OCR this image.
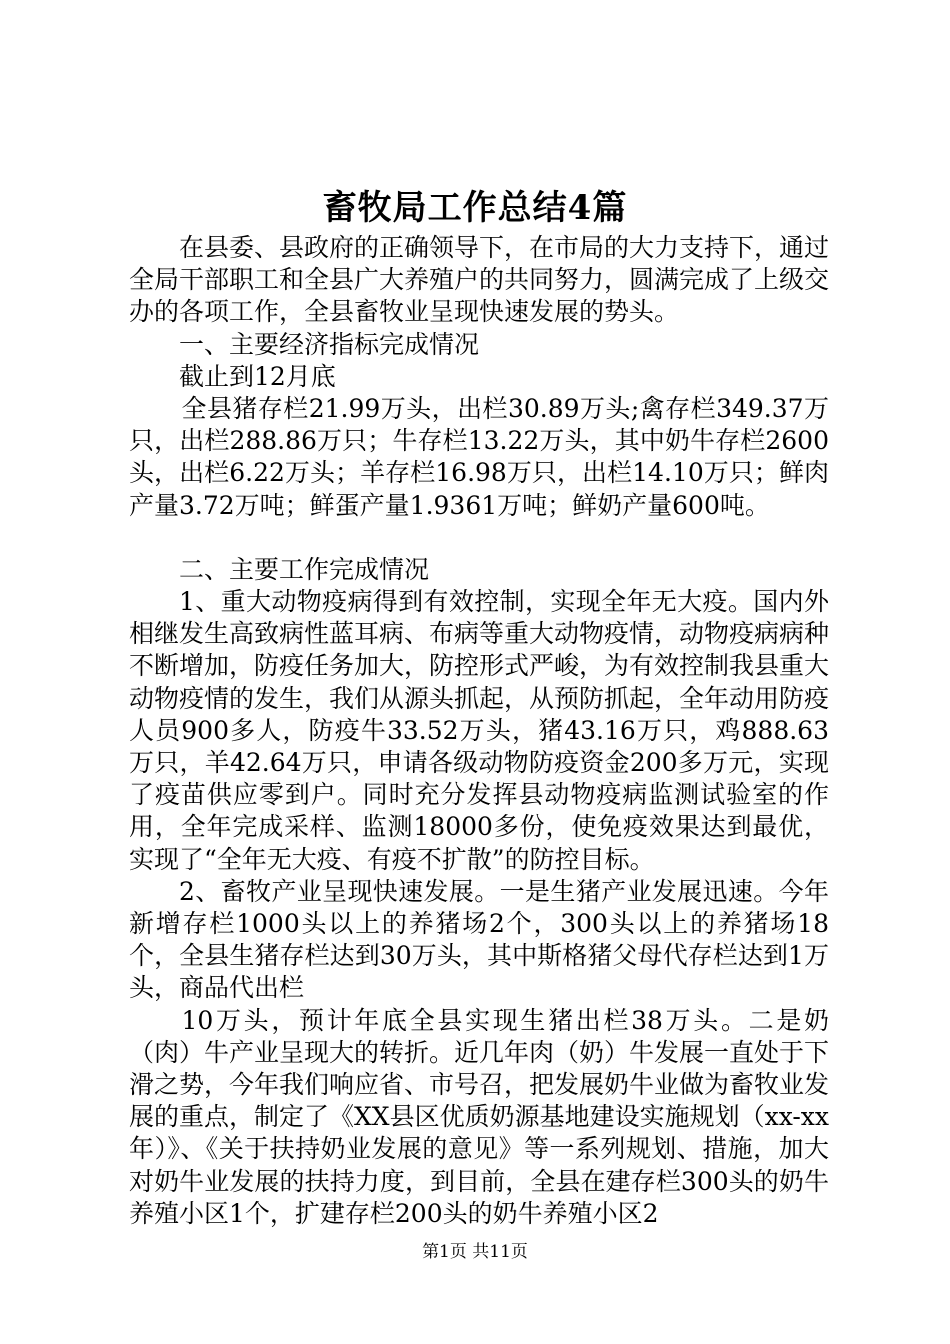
畜牧局工作总结4篇

在县委、县政府的正确领导下，在市局的大力支持下，通过全局干部职工和全县广大养殖户的共同努力，圆满完成了上级交办的各项工作，全县畜牧业呈现快速发展的势头。

一、主要经济指标完成情况

截止到12月底

全县猪存栏21.99万头，出栏30.89万头;禽存栏349.37万只，出栏288.86万只；牛存栏13.22万头，其中奶牛存栏2600头，出栏6.22万头；羊存栏16.98万只，出栏14.10万只；鲜肉产量3.72万吨；鲜蛋产量1.9361万吨；鲜奶产量600吨。

二、主要工作完成情况

1、重大动物疫病得到有效控制，实现全年无大疫。国内外相继发生高致病性蓝耳病、布病等重大动物疫情，动物疫病病种不断增加，防疫任务加大，防控形式严峻，为有效控制我县重大动物疫情的发生，我们从源头抓起，从预防抓起，全年动用防疫人员900多人，防疫牛33.52万头，猪43.16万只，鸡888.63万只，羊42.64万只，申请各级动物防疫资金200多万元，实现了疫苗供应零到户。同时充分发挥县动物疫病监测试验室的作用，全年完成采样、监测18000多份，使免疫效果达到最优，实现了“全年无大疫、有疫不扩散”的防控目标。

2、畜牧产业呈现快速发展。一是生猪产业发展迅速。今年新增存栏1000头以上的养猪场2个，300头以上的养猪场18个，全县生猪存栏达到30万头，其中斯格猪父母代存栏达到1万头，商品代出栏

10万头，预计年底全县实现生猪出栏38万头。二是奶（肉）牛产业呈现大的转折。近几年肉（奶）牛发展一直处于下滑之势，今年我们响应省、市号召，把发展奶牛业做为畜牧业发展的重点，制定了《XX县区优质奶源基地建设实施规划（xx-xx年）》、《关于扶持奶业发展的意见》等一系列规划、措施，加大对奶牛业发展的扶持力度，到目前，全县在建存栏300头的奶牛养殖小区1个，扩建存栏200头的奶牛养殖小区2

第1页 共11页
